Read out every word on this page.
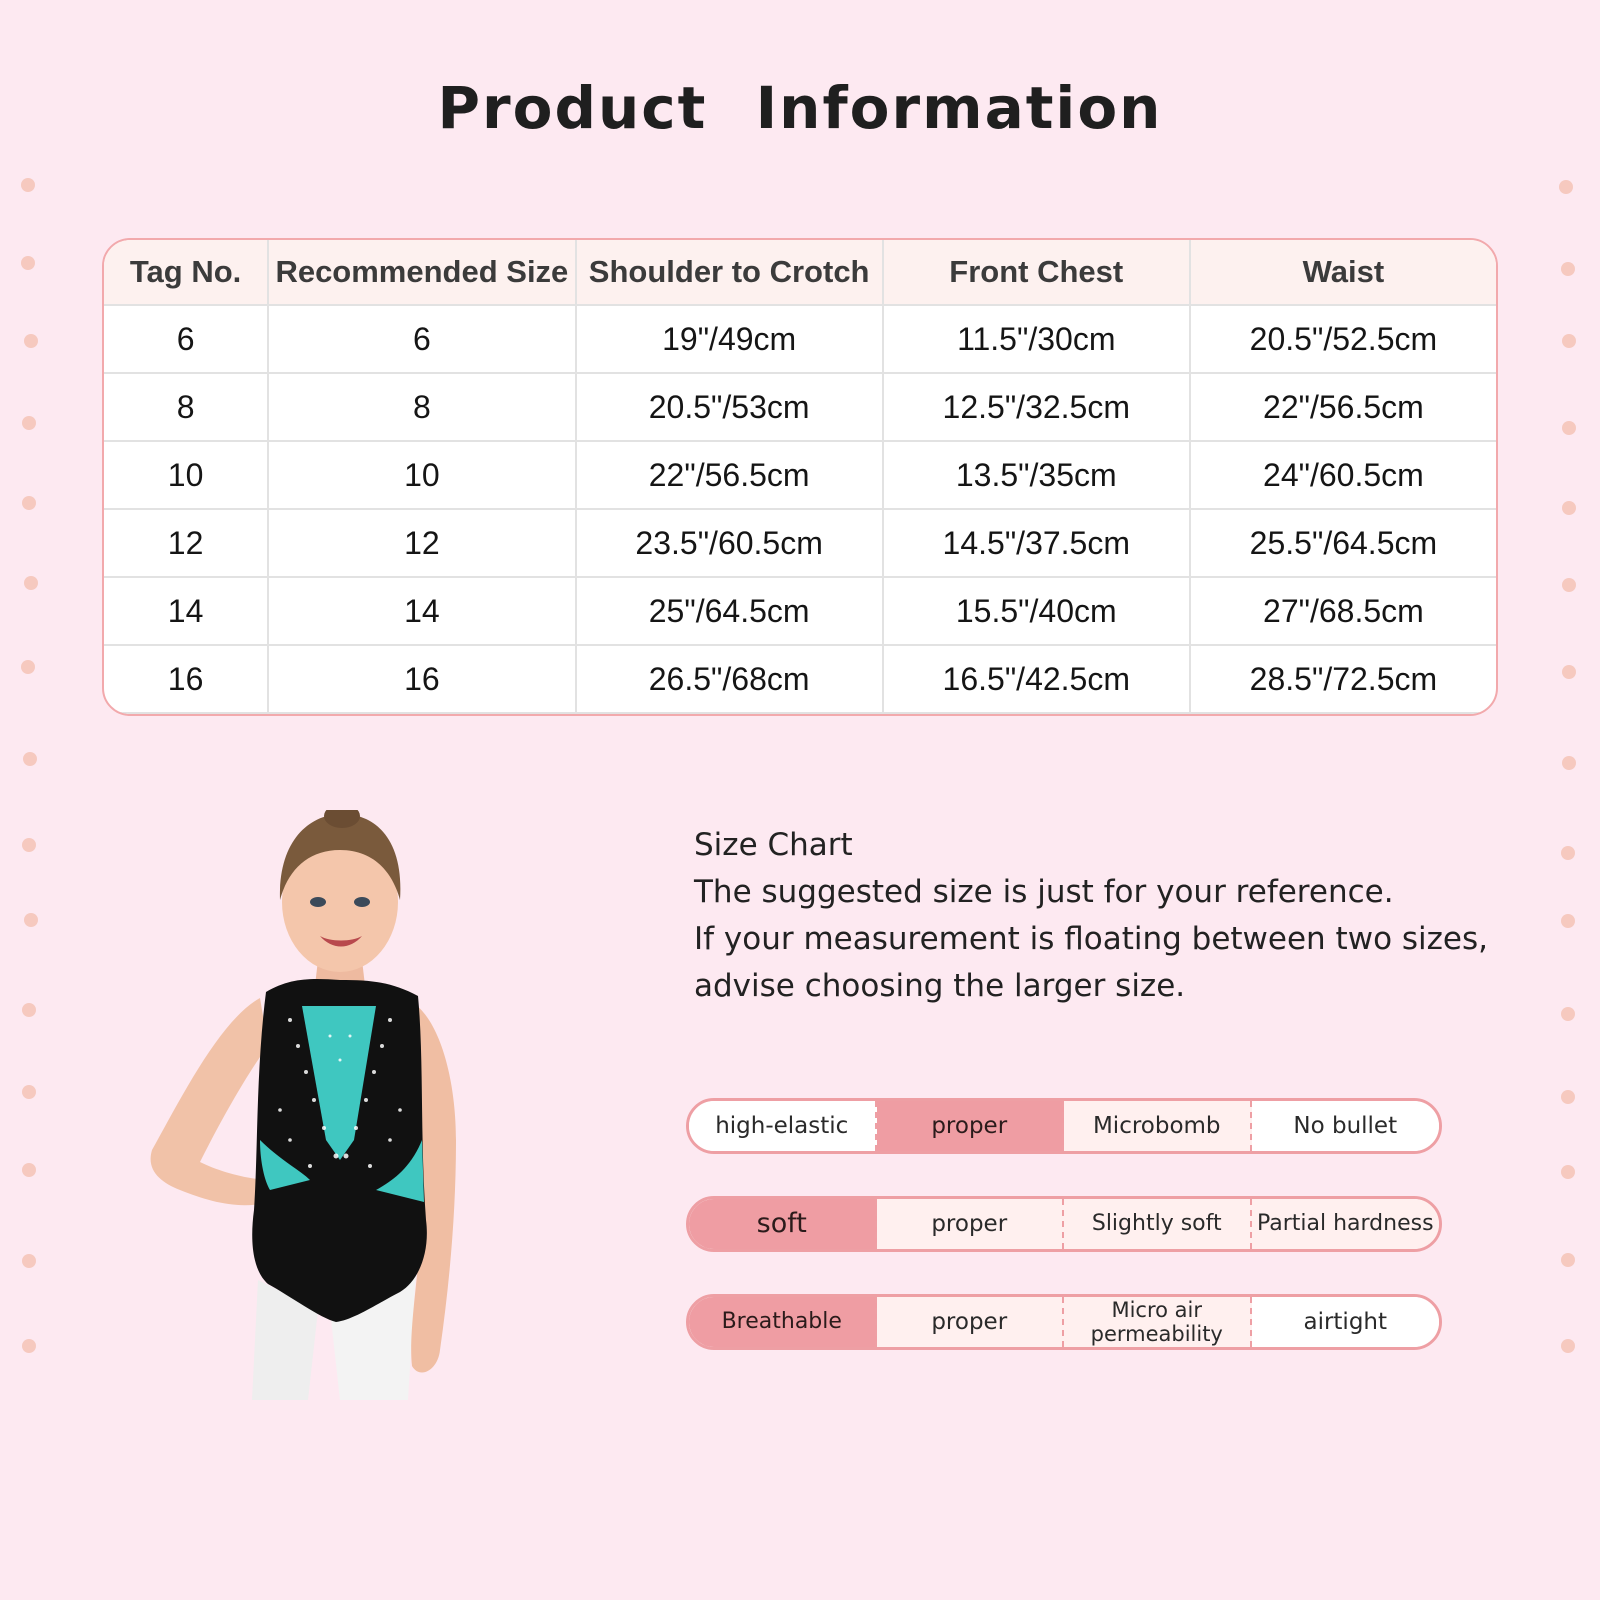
Product Information
Tag No.	Recommended Size	Shoulder to Crotch	Front Chest	Waist
6	6	19"/49cm	11.5"/30cm	20.5"/52.5cm
8	8	20.5"/53cm	12.5"/32.5cm	22"/56.5cm
10	10	22"/56.5cm	13.5"/35cm	24"/60.5cm
12	12	23.5"/60.5cm	14.5"/37.5cm	25.5"/64.5cm
14	14	25"/64.5cm	15.5"/40cm	27"/68.5cm
16	16	26.5"/68cm	16.5"/42.5cm	28.5"/72.5cm
Size Chart
The suggested size is just for your reference.
If your measurement is floating between two sizes,
advise choosing the larger size.
high-elastic	proper	Microbomb	No bullet
soft	proper	Slightly soft	Partial hardness
Breathable	proper	Micro air permeability	airtight
